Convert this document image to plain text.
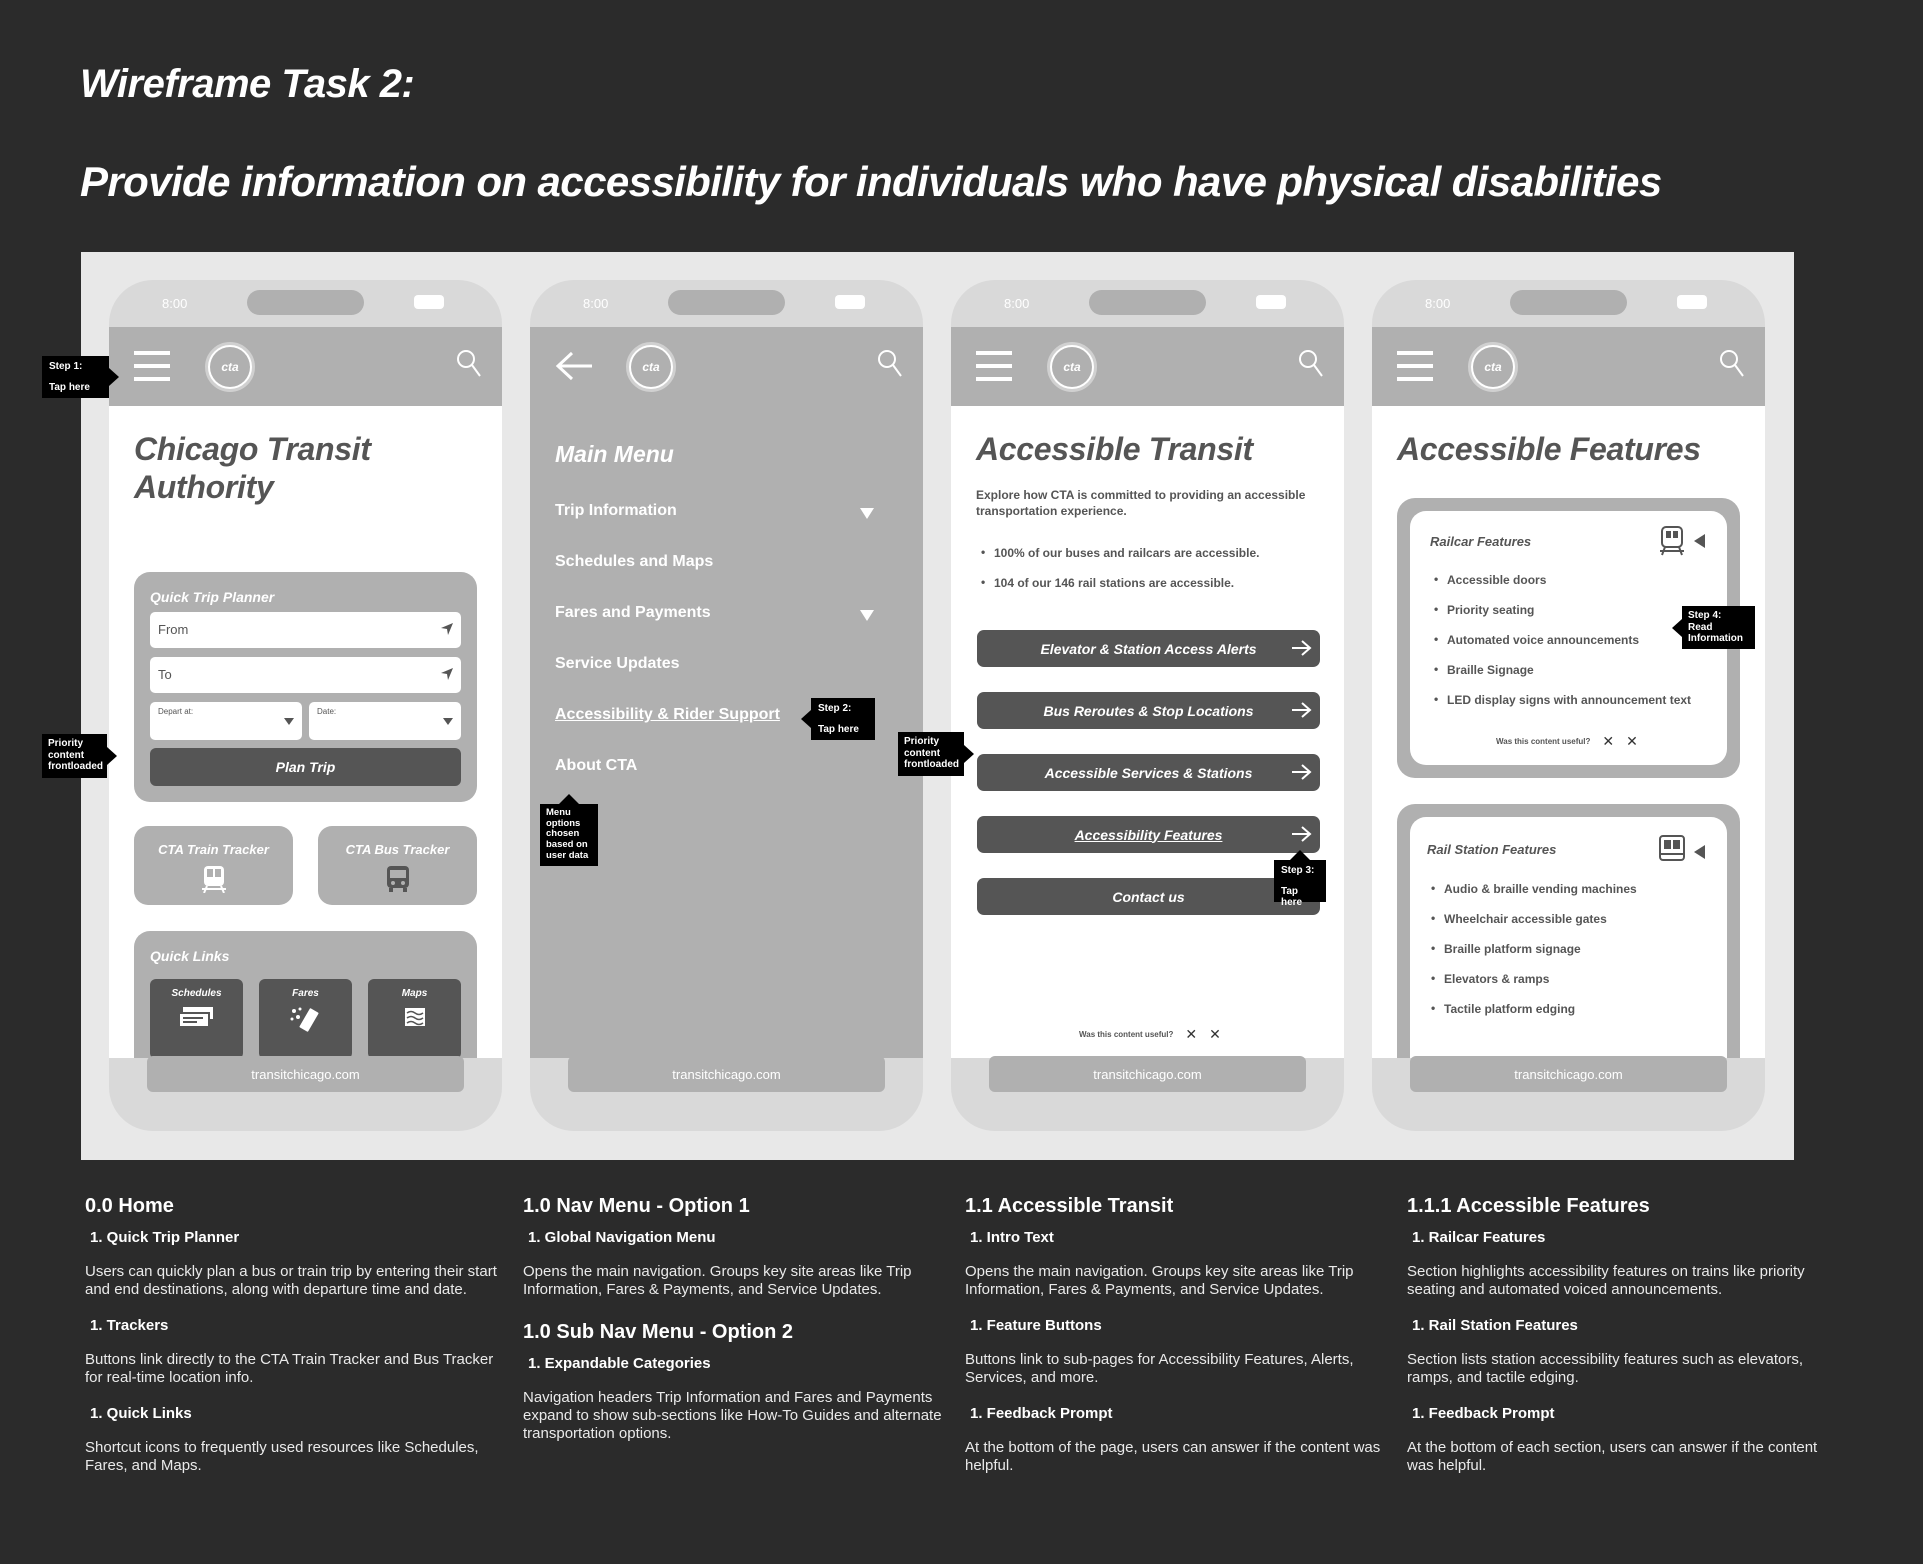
Wireframe Task 2:
Provide information on accessibility for individuals who have physical disabilities
8:00
cta
Chicago Transit
Authority
Quick Trip Planner
From
To
Depart at:	Date:
Plan Trip
CTA Train Tracker	CTA Bus Tracker
Quick Links
Schedules	Fares	Maps
transitchicago.com
8:00
cta
Main Menu
Trip Information
Schedules and Maps
Fares and Payments
Service Updates
Accessibility & Rider Support
About CTA
transitchicago.com
8:00
cta
Accessible Transit
Explore how CTA is committed to providing an accessible transportation experience.
• 100% of our buses and railcars are accessible.
• 104 of our 146 rail stations are accessible.
Elevator & Station Access Alerts
Bus Reroutes & Stop Locations
Accessible Services & Stations
Accessibility Features
Contact us
Was this content useful? ✕ ✕
transitchicago.com
8:00
cta
Accessible Features
Railcar Features
• Accessible doors
• Priority seating
• Automated voice announcements
• Braille Signage
• LED display signs with announcement text
Was this content useful? ✕ ✕
Rail Station Features
• Audio & braille vending machines
• Wheelchair accessible gates
• Braille platform signage
• Elevators & ramps
• Tactile platform edging
transitchicago.com
Step 1:
Tap here
Priority
content
frontloaded
Step 2:
Tap here
Menu
options
chosen
based on
user data
Priority
content
frontloaded
Step 3:
Tap here
Step 4:
Read
Information
0.0 Home
1. Quick Trip Planner

Users can quickly plan a bus or train trip by entering their start and end destinations, along with departure time and date.

1. Trackers

Buttons link directly to the CTA Train Tracker and Bus Tracker for real-time location info.

1. Quick Links

Shortcut icons to frequently used resources like Schedules, Fares, and Maps.

1.0 Nav Menu - Option 1
1. Global Navigation Menu

Opens the main navigation. Groups key site areas like Trip Information, Fares & Payments, and Service Updates.

1.0 Sub Nav Menu - Option 2
1. Expandable Categories

Navigation headers Trip Information and Fares and Payments expand to show sub-sections like How-To Guides and alternate transportation options.

1.1 Accessible Transit
1. Intro Text

Opens the main navigation. Groups key site areas like Trip Information, Fares & Payments, and Service Updates.

1. Feature Buttons

Buttons link to sub-pages for Accessibility Features, Alerts, Services, and more.

1. Feedback Prompt

At the bottom of the page, users can answer if the content was helpful.

1.1.1 Accessible Features
1. Railcar Features

Section highlights accessibility features on trains like priority seating and automated voiced announcements.

1. Rail Station Features

Section lists station accessibility features such as elevators, ramps, and tactile edging.

1. Feedback Prompt

At the bottom of each section, users can answer if the content was helpful.
